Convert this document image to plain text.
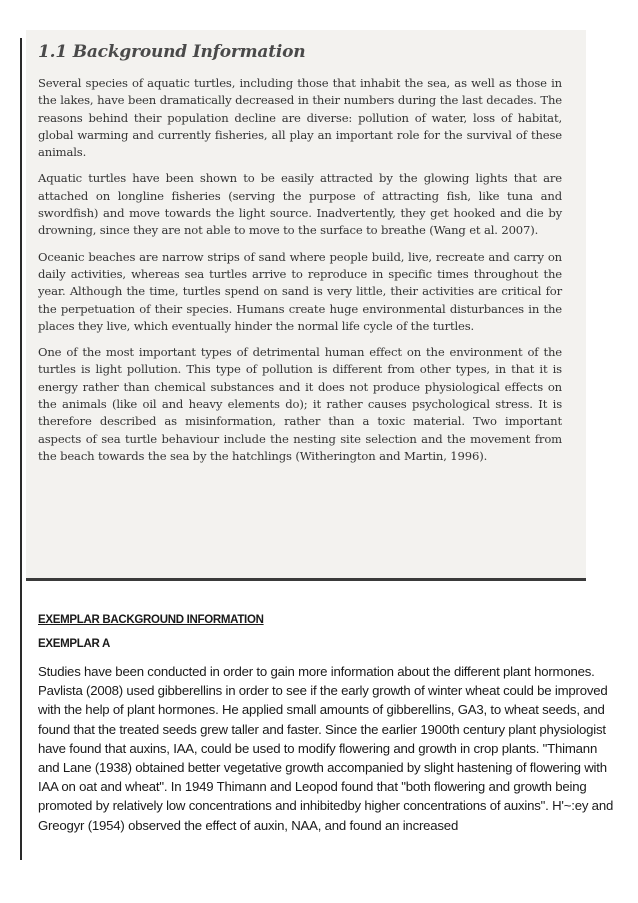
1.1 Background Information

Several species of aquatic turtles, including those that inhabit the sea, as well as those in the lakes, have been dramatically decreased in their numbers during the last decades. The reasons behind their population decline are diverse: pollution of water, loss of habitat, global warming and currently fisheries, all play an important role for the survival of these animals.

Aquatic turtles have been shown to be easily attracted by the glowing lights that are attached on longline fisheries (serving the purpose of attracting fish, like tuna and swordfish) and move towards the light source. Inadvertently, they get hooked and die by drowning, since they are not able to move to the surface to breathe (Wang et al. 2007).

Oceanic beaches are narrow strips of sand where people build, live, recreate and carry on daily activities, whereas sea turtles arrive to reproduce in specific times throughout the year. Although the time, turtles spend on sand is very little, their activities are critical for the perpetuation of their species. Humans create huge environmental disturbances in the places they live, which eventually hinder the normal life cycle of the turtles.

One of the most important types of detrimental human effect on the environment of the turtles is light pollution. This type of pollution is different from other types, in that it is energy rather than chemical substances and it does not produce physiological effects on the animals (like oil and heavy elements do); it rather causes psychological stress. It is therefore described as misinformation, rather than a toxic material. Two important aspects of sea turtle behaviour include the nesting site selection and the movement from the beach towards the sea by the hatchlings (Witherington and Martin, 1996).

EXEMPLAR BACKGROUND INFORMATION
EXEMPLAR A

Studies have been conducted in order to gain more information about the different plant hormones. Pavlista (2008) used gibberellins in order to see if the early growth of winter wheat could be improved with the help of plant hormones. He applied small amounts of gibberellins, GA3, to wheat seeds, and found that the treated seeds grew taller and faster. Since the earlier 1900th century plant physiologist have found that auxins, IAA, could be used to modify flowering and growth in crop plants. "Thimann and Lane (1938) obtained better vegetative growth accompanied by slight hastening of flowering with IAA on oat and wheat". In 1949 Thimann and Leopod found that "both flowering and growth being promoted by relatively low concentrations and inhibitedby higher concentrations of auxins". H'~:ey and Greogyr (1954) observed the effect of auxin, NAA, and found an increased
